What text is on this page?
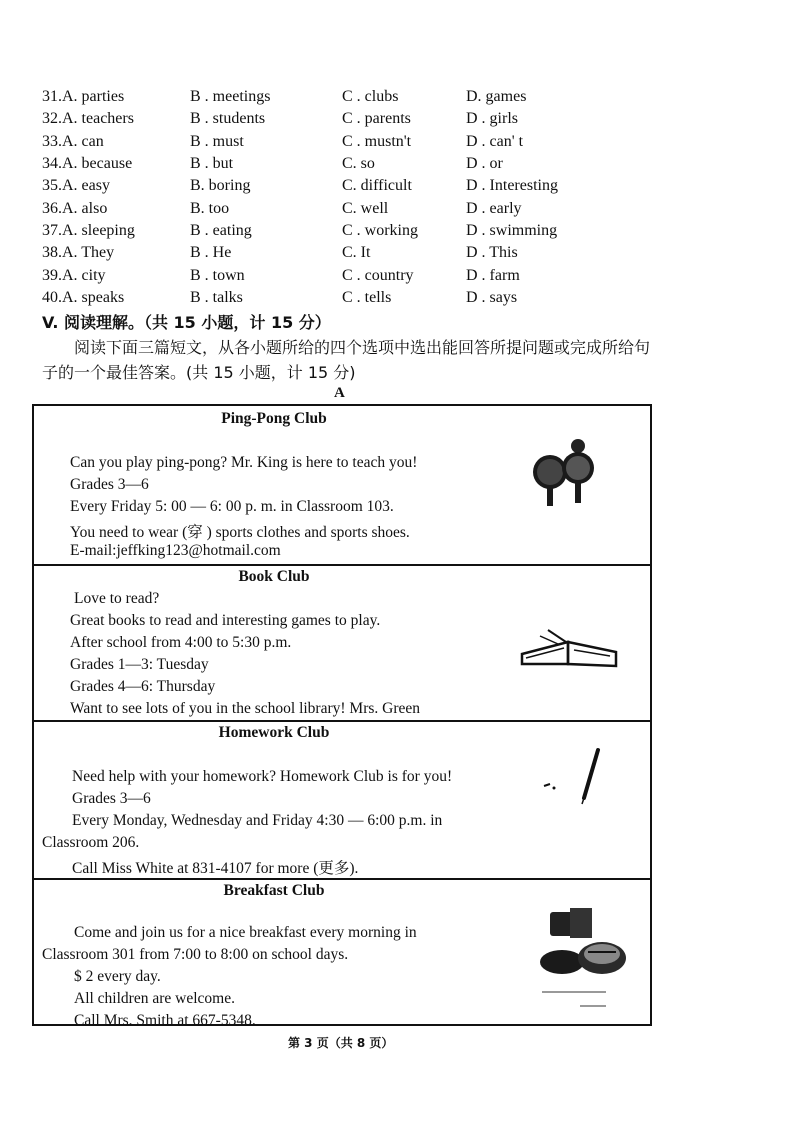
31.A. parties	B . meetings	C . clubs	D. games
32.A. teachers	B . students	C . parents	D . girls
33.A. can	B . must	C . mustn't	D . can' t
34.A. because	B . but	C. so	D . or
35.A. easy	B. boring	C. difficult	D . Interesting
36.A. also	B. too	C. well	D . early
37.A. sleeping	B . eating	C . working	D . swimming
38.A. They	B . He	C. It	D . This
39.A. city	B . town	C . country	D . farm
40.A. speaks	B . talks	C . tells	D . says
V. 阅读理解。（共 15 小题，计 15 分）
阅读下面三篇短文，从各小题所给的四个选项中选出能回答所提问题或完成所给句子的一个最佳答案。(共 15 小题，计 15 分)
A
Ping-Pong Club
Can you play ping-pong? Mr. King is here to teach you!
Grades 3—6
Every Friday 5: 00 — 6: 00 p. m. in Classroom 103.
You need to wear (穿 ) sports clothes and sports shoes.
E-mail:jeffking123@hotmail.com
Book Club
Love to read?
Great books to read and interesting games to play.
After school from 4:00 to 5:30 p.m.
Grades 1—3: Tuesday
Grades 4—6: Thursday
Want to see lots of you in the school library! Mrs. Green
Homework Club
Need help with your homework? Homework Club is for you!
Grades 3—6
Every Monday, Wednesday and Friday 4:30 — 6:00 p.m. in
Classroom 206.
Call Miss White at 831-4107 for more (更多).
Breakfast Club
Come and join us for a nice breakfast every morning in
Classroom 301 from 7:00 to 8:00 on school days.
$ 2 every day.
All children are welcome.
Call Mrs. Smith at 667-5348.
第 3 页（共 8 页）
